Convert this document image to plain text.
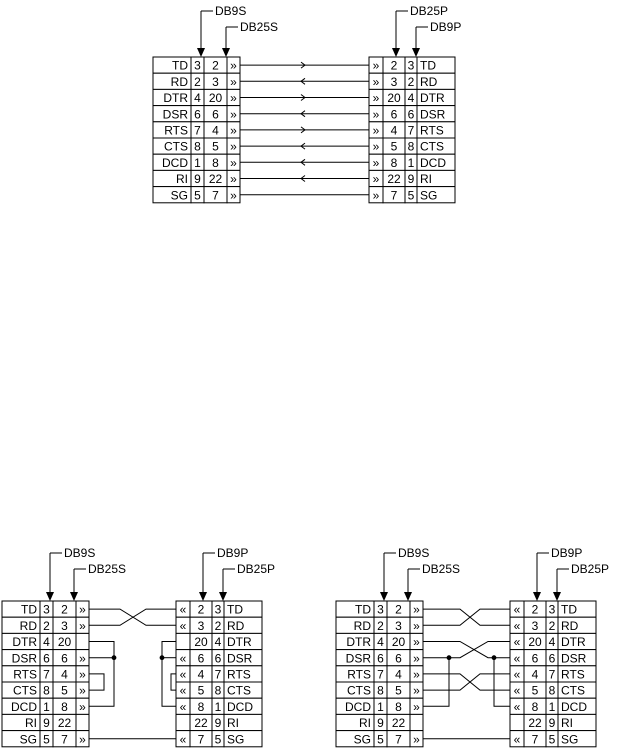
TD 3 2 »
RD 2 3 »
DTR 4 20 »
DSR 6 6 »
RTS 7 4 »
CTS 8 5 »
DCD 1 8 »
RI 9 22 »
SG 5 7 »
» 2 3 TD
» 3 2 RD
» 20 4 DTR
» 6 6 DSR
» 4 7 RTS
» 5 8 CTS
» 8 1 DCD
» 22 9 RI
» 7 5 SG
DB9S
DB25S
DB25P
DB9P
TD 3 2 »
RD 2 3 »
DTR 4 20
DSR 6 6 »
RTS 7 4 »
CTS 8 5 »
DCD 1 8 »
RI 9 22
SG 5 7 »
« 2 3 TD
« 3 2 RD
20 4 DTR
« 6 6 DSR
« 4 7 RTS
« 5 8 CTS
« 8 1 DCD
22 9 RI
« 7 5 SG
DB9S
DB25S
DB9P
DB25P
TD 3 2 »
RD 2 3 »
DTR 4 20 »
DSR 6 6 »
RTS 7 4 »
CTS 8 5 »
DCD 1 8 »
RI 9 22
SG 5 7 »
« 2 3 TD
« 3 2 RD
« 20 4 DTR
« 6 6 DSR
« 4 7 RTS
« 5 8 CTS
« 8 1 DCD
22 9 RI
« 7 5 SG
DB9S
DB25S
DB9P
DB25P
